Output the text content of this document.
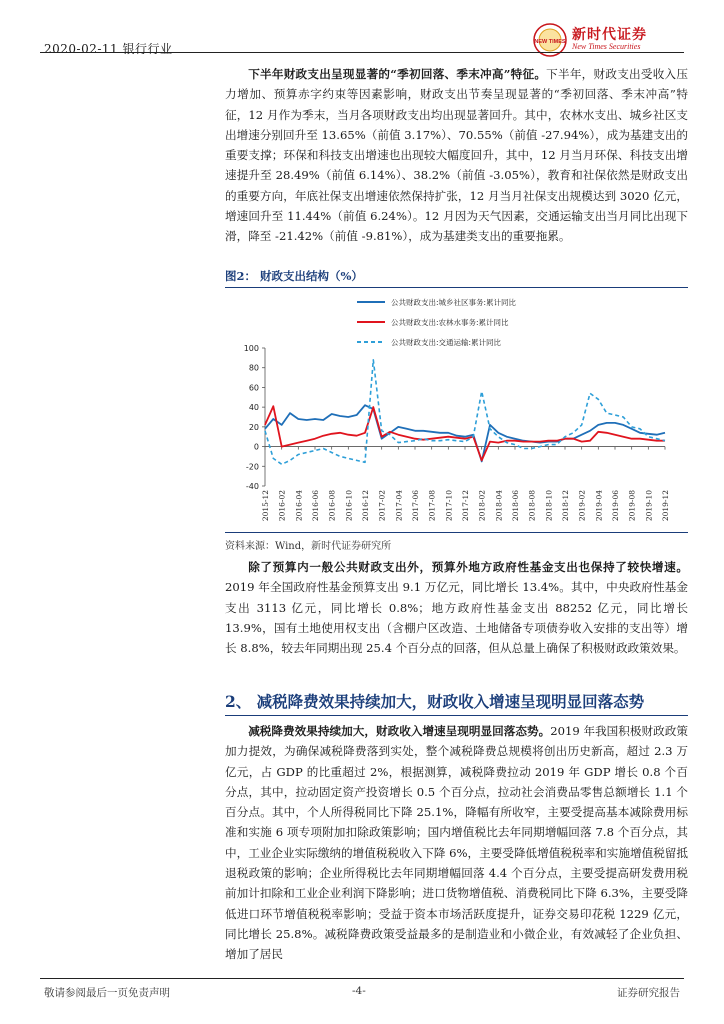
2020-02-11 银行行业	NEW TIMES 新时代证券
New Times Securities
下半年财政支出呈现显著的“季初回落、季末冲高”特征。下半年，财政支出受收入压力增加、预算赤字约束等因素影响，财政支出节奏呈现显著的“季初回落、季末冲高”特征，12 月作为季末，当月各项财政支出均出现显著回升。其中，农林水支出、城乡社区支出增速分别回升至 13.65%（前值 3.17%）、70.55%（前值 -27.94%），成为基建支出的重要支撑；环保和科技支出增速也出现较大幅度回升，其中，12 月当月环保、科技支出增速提升至 28.49%（前值 6.14%）、38.2%（前值 -3.05%），教育和社保依然是财政支出的重要方向，年底社保支出增速依然保持扩张，12 月当月社保支出规模达到 3020 亿元，增速回升至 11.44%（前值 6.24%）。12 月因为天气因素，交通运输支出当月同比出现下滑，降至 -21.42%（前值 -9.81%），成为基建类支出的重要拖累。
图2： 财政支出结构（%）
公共财政支出:城乡社区事务:累计同比
公共财政支出:农林水事务:累计同比
公共财政支出:交通运输:累计同比
-40
-20
0
20
40
60
80
100
2015-12 2016-02 2016-04 2016-06 2016-08 2016-10 2016-12 2017-02 2017-04 2017-06 2017-08 2017-10 2017-12 2018-02 2018-04 2018-06 2018-08 2018-10 2018-12 2019-02 2019-04 2019-06 2019-08 2019-10 2019-12
资料来源：Wind，新时代证券研究所
除了预算内一般公共财政支出外，预算外地方政府性基金支出也保持了较快增速。2019 年全国政府性基金预算支出 9.1 万亿元，同比增长 13.4%。其中，中央政府性基金支出 3113 亿元，同比增长 0.8%；地方政府性基金支出 88252 亿元，同比增长 13.9%，国有土地使用权支出（含棚户区改造、土地储备专项债券收入安排的支出等）增长 8.8%，较去年同期出现 25.4 个百分点的回落，但从总量上确保了积极财政政策效果。
2、 减税降费效果持续加大，财政收入增速呈现明显回落态势
减税降费效果持续加大，财政收入增速呈现明显回落态势。2019 年我国积极财政政策加力提效，为确保减税降费落到实处，整个减税降费总规模将创出历史新高，超过 2.3 万亿元，占 GDP 的比重超过 2%，根据测算，减税降费拉动 2019 年 GDP 增长 0.8 个百分点，其中，拉动固定资产投资增长 0.5 个百分点，拉动社会消费品零售总额增长 1.1 个百分点。其中，个人所得税同比下降 25.1%，降幅有所收窄，主要受提高基本减除费用标准和实施 6 项专项附加扣除政策影响；国内增值税比去年同期增幅回落 7.8 个百分点，其中，工业企业实际缴纳的增值税税收入下降 6%，主要受降低增值税税率和实施增值税留抵退税政策的影响；企业所得税比去年同期增幅回落 4.4 个百分点，主要受提高研发费用税前加计扣除和工业企业利润下降影响；进口货物增值税、消费税同比下降 6.3%，主要受降低进口环节增值税税率影响；受益于资本市场活跃度提升，证券交易印花税 1229 亿元，同比增长 25.8%。减税降费政策受益最多的是制造业和小微企业，有效减轻了企业负担、增加了居民
敬请参阅最后一页免责声明	-4-	证券研究报告
